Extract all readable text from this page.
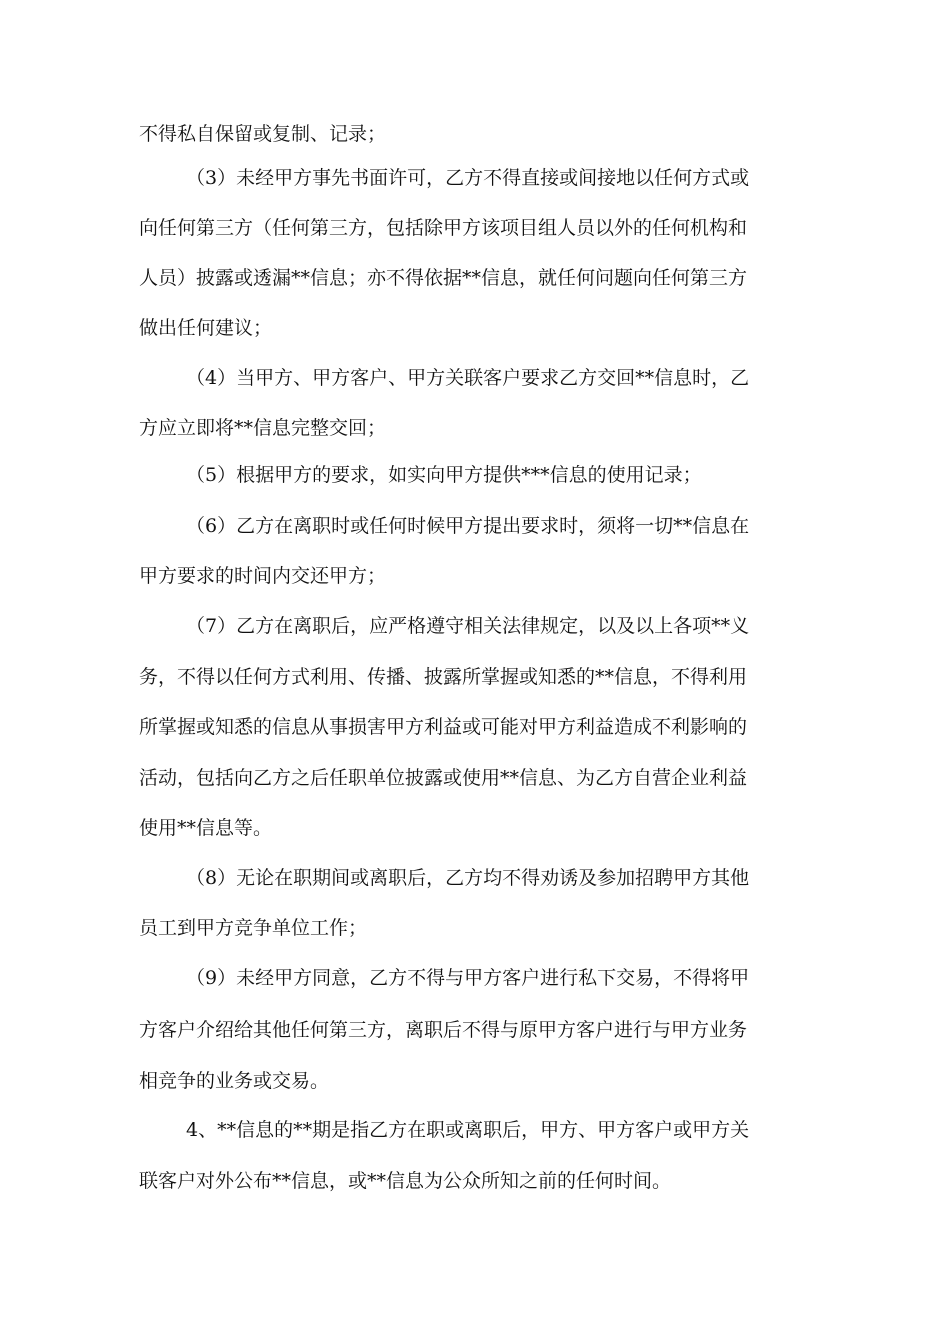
不得私自保留或复制、记录；
（3）未经甲方事先书面许可，乙方不得直接或间接地以任何方式或
向任何第三方（任何第三方，包括除甲方该项目组人员以外的任何机构和
人员）披露或透漏**信息；亦不得依据**信息，就任何问题向任何第三方
做出任何建议；
（4）当甲方、甲方客户、甲方关联客户要求乙方交回**信息时，乙
方应立即将**信息完整交回；
（5）根据甲方的要求，如实向甲方提供***信息的使用记录；
（6）乙方在离职时或任何时候甲方提出要求时，须将一切**信息在
甲方要求的时间内交还甲方；
（7）乙方在离职后，应严格遵守相关法律规定，以及以上各项**义
务，不得以任何方式利用、传播、披露所掌握或知悉的**信息，不得利用
所掌握或知悉的信息从事损害甲方利益或可能对甲方利益造成不利影响的
活动，包括向乙方之后任职单位披露或使用**信息、为乙方自营企业利益
使用**信息等。
（8）无论在职期间或离职后，乙方均不得劝诱及参加招聘甲方其他
员工到甲方竞争单位工作；
（9）未经甲方同意，乙方不得与甲方客户进行私下交易，不得将甲
方客户介绍给其他任何第三方，离职后不得与原甲方客户进行与甲方业务
相竞争的业务或交易。
4、**信息的**期是指乙方在职或离职后，甲方、甲方客户或甲方关
联客户对外公布**信息，或**信息为公众所知之前的任何时间。
